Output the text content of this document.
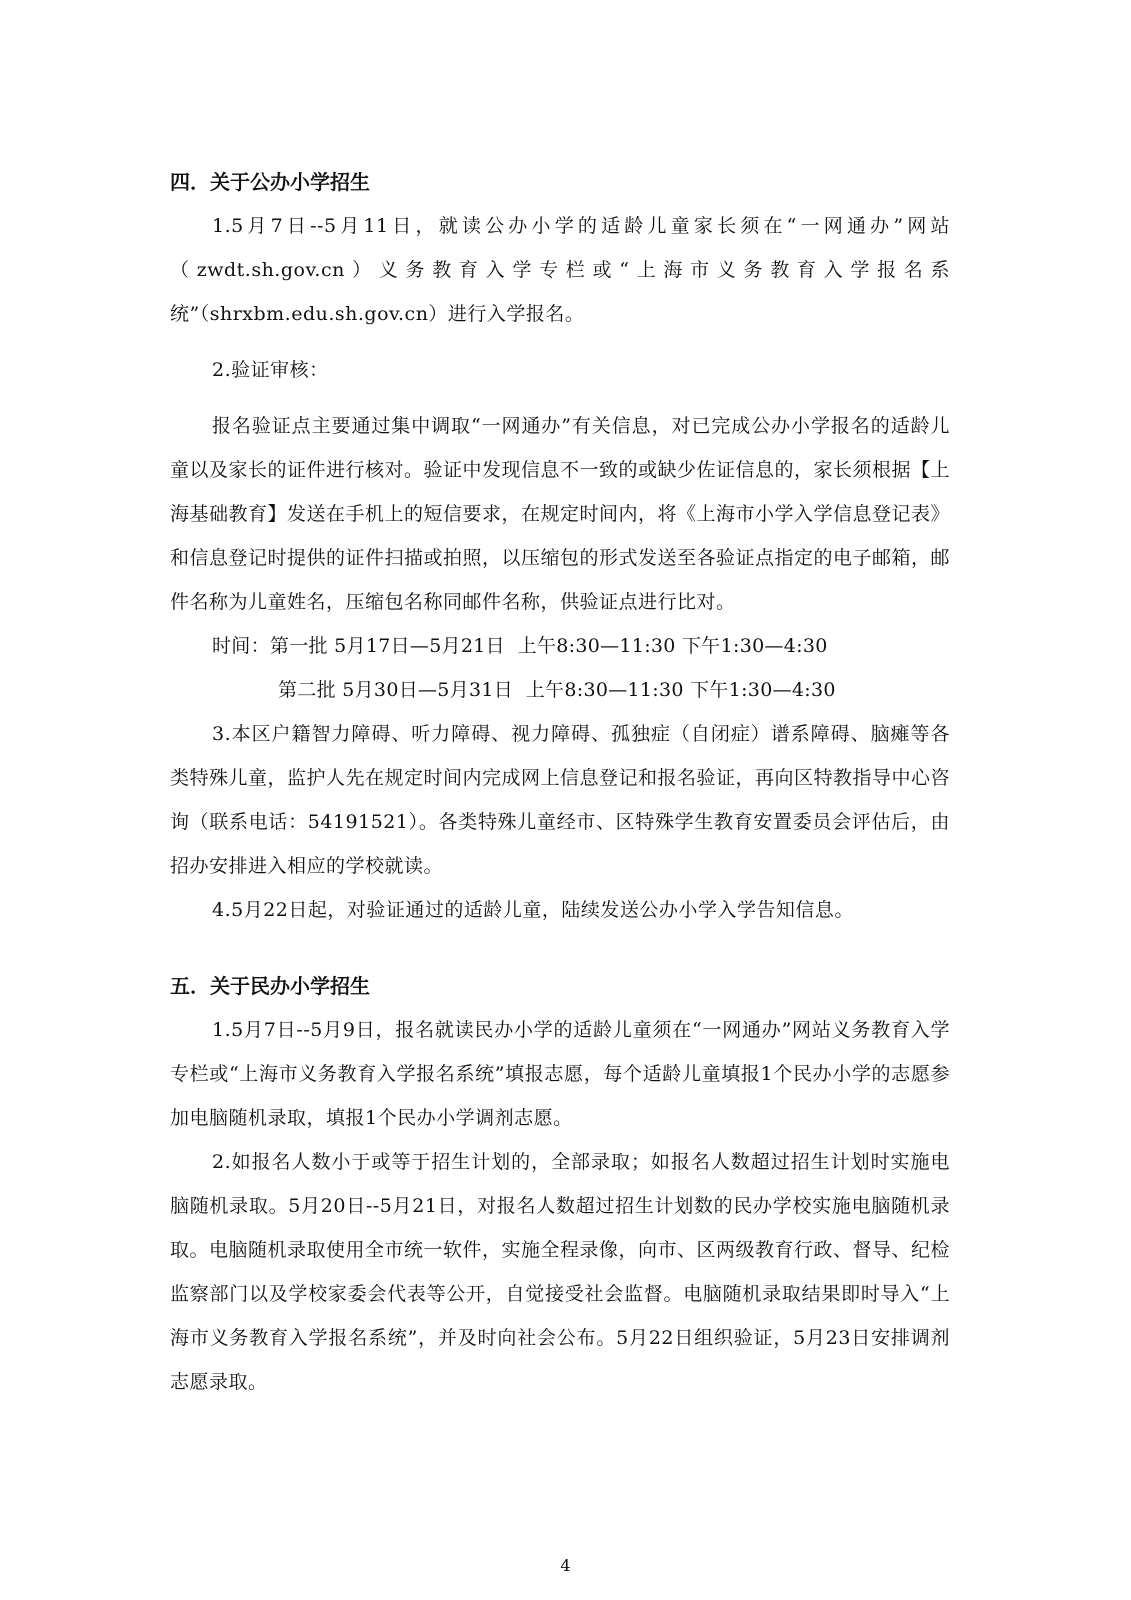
四．关于公办小学招生

1.5月7日--5月11日，就读公办小学的适龄儿童家长须在“一网通办”网站（zwdt.sh.gov.cn）义务教育入学专栏或“上海市义务教育入学报名系统”（shrxbm.edu.sh.gov.cn）进行入学报名。

2.验证审核：

报名验证点主要通过集中调取“一网通办”有关信息，对已完成公办小学报名的适龄儿童以及家长的证件进行核对。验证中发现信息不一致的或缺少佐证信息的，家长须根据【上海基础教育】发送在手机上的短信要求，在规定时间内，将《上海市小学入学信息登记表》和信息登记时提供的证件扫描或拍照，以压缩包的形式发送至各验证点指定的电子邮箱，邮件名称为儿童姓名，压缩包名称同邮件名称，供验证点进行比对。

时间：第一批 5月17日—5月21日  上午8:30—11:30 下午1:30—4:30

第二批 5月30日—5月31日  上午8:30—11:30 下午1:30—4:30

3.本区户籍智力障碍、听力障碍、视力障碍、孤独症（自闭症）谱系障碍、脑瘫等各类特殊儿童，监护人先在规定时间内完成网上信息登记和报名验证，再向区特教指导中心咨询（联系电话：54191521）。各类特殊儿童经市、区特殊学生教育安置委员会评估后，由招办安排进入相应的学校就读。

4.5月22日起，对验证通过的适龄儿童，陆续发送公办小学入学告知信息。

五．关于民办小学招生

1.5月7日--5月9日，报名就读民办小学的适龄儿童须在“一网通办”网站义务教育入学专栏或“上海市义务教育入学报名系统”填报志愿，每个适龄儿童填报1个民办小学的志愿参加电脑随机录取，填报1个民办小学调剂志愿。

2.如报名人数小于或等于招生计划的，全部录取；如报名人数超过招生计划时实施电脑随机录取。5月20日--5月21日，对报名人数超过招生计划数的民办学校实施电脑随机录取。电脑随机录取使用全市统一软件，实施全程录像，向市、区两级教育行政、督导、纪检监察部门以及学校家委会代表等公开，自觉接受社会监督。电脑随机录取结果即时导入“上海市义务教育入学报名系统”，并及时向社会公布。5月22日组织验证，5月23日安排调剂志愿录取。

4
